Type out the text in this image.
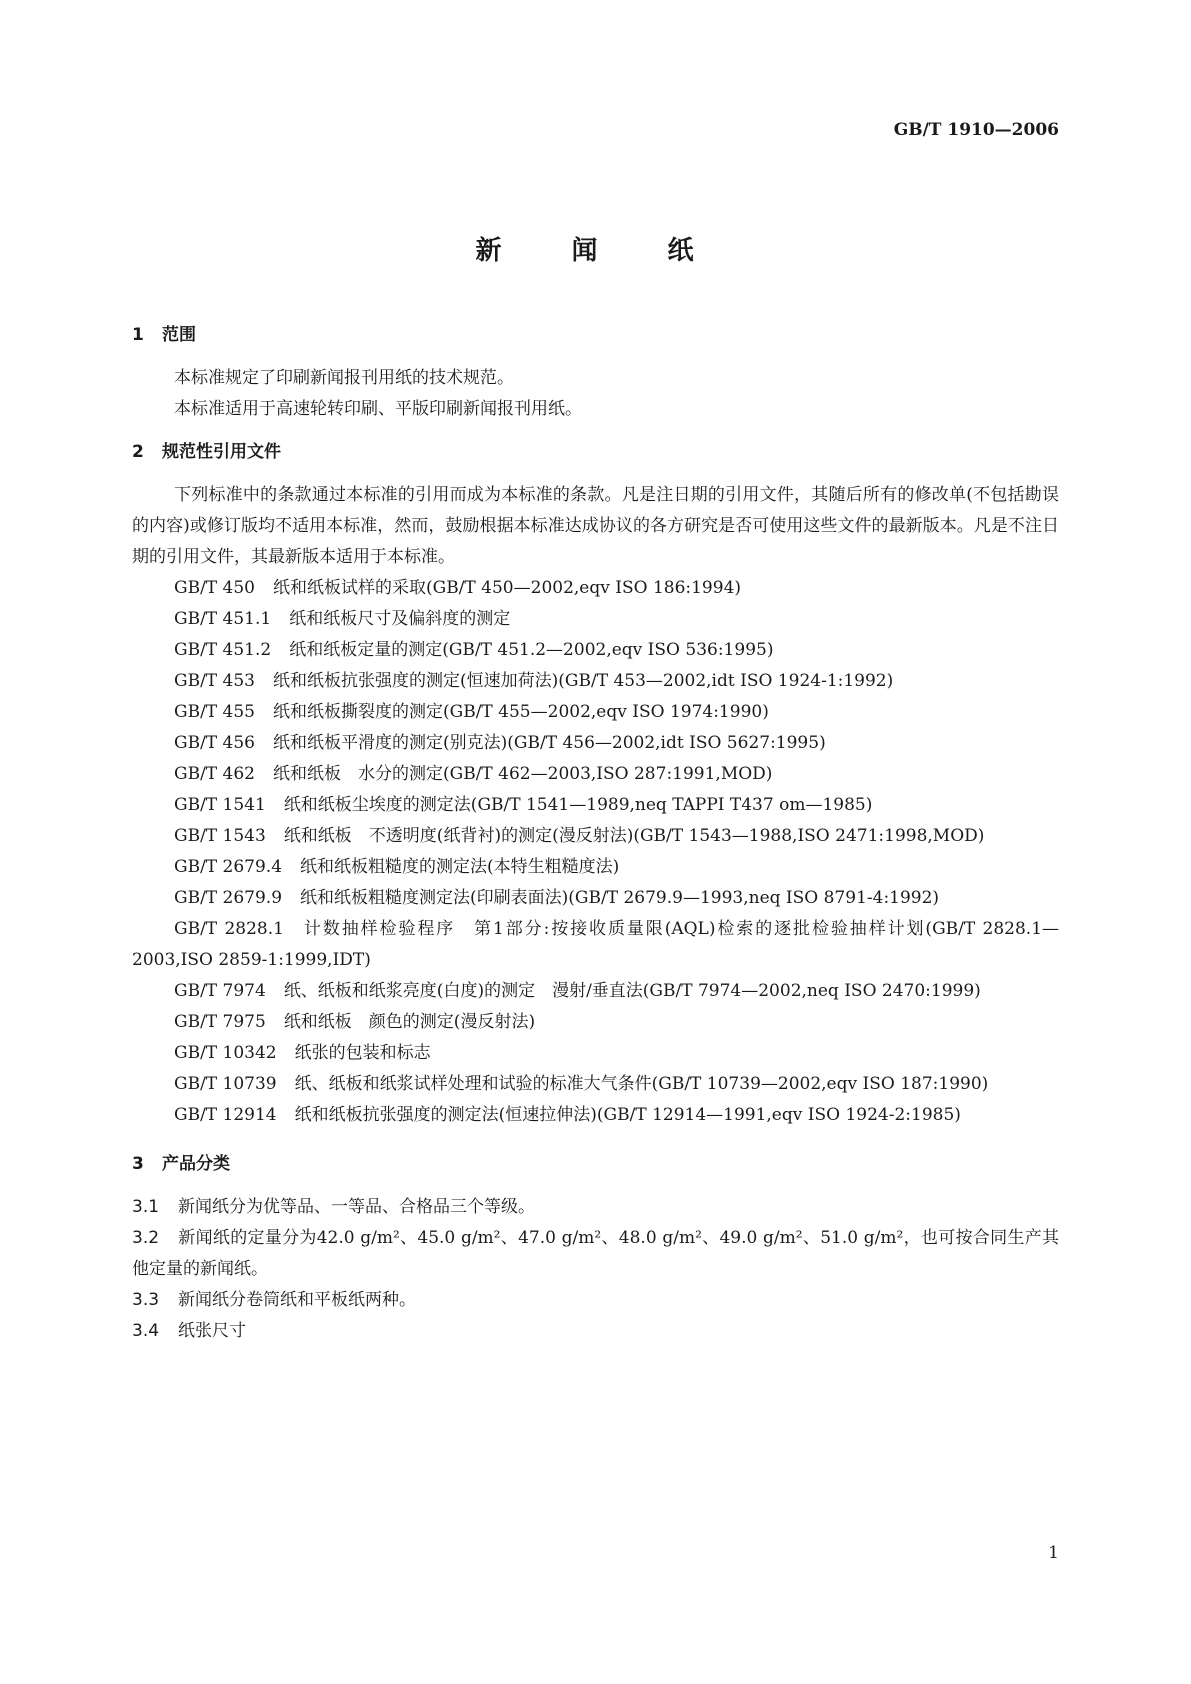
GB/T 1910—2006
新　闻　纸

1 范围

本标准规定了印刷新闻报刊用纸的技术规范。

本标准适用于高速轮转印刷、平版印刷新闻报刊用纸。

2 规范性引用文件

下列标准中的条款通过本标准的引用而成为本标准的条款。凡是注日期的引用文件，其随后所有的修改单(不包括勘误的内容)或修订版均不适用本标准，然而，鼓励根据本标准达成协议的各方研究是否可使用这些文件的最新版本。凡是不注日期的引用文件，其最新版本适用于本标准。

GB/T 450 纸和纸板试样的采取(GB/T 450—2002,eqv ISO 186:1994)

GB/T 451.1 纸和纸板尺寸及偏斜度的测定

GB/T 451.2 纸和纸板定量的测定(GB/T 451.2—2002,eqv ISO 536:1995)

GB/T 453 纸和纸板抗张强度的测定(恒速加荷法)(GB/T 453—2002,idt ISO 1924-1:1992)

GB/T 455 纸和纸板撕裂度的测定(GB/T 455—2002,eqv ISO 1974:1990)

GB/T 456 纸和纸板平滑度的测定(别克法)(GB/T 456—2002,idt ISO 5627:1995)

GB/T 462 纸和纸板　水分的测定(GB/T 462—2003,ISO 287:1991,MOD)

GB/T 1541 纸和纸板尘埃度的测定法(GB/T 1541—1989,neq TAPPI T437 om—1985)

GB/T 1543 纸和纸板　不透明度(纸背衬)的测定(漫反射法)(GB/T 1543—1988,ISO 2471:1998,MOD)

GB/T 2679.4 纸和纸板粗糙度的测定法(本特生粗糙度法)

GB/T 2679.9 纸和纸板粗糙度测定法(印刷表面法)(GB/T 2679.9—1993,neq ISO 8791-4:1992)

GB/T 2828.1 计数抽样检验程序　第1部分:按接收质量限(AQL)检索的逐批检验抽样计划(GB/T 2828.1—2003,ISO 2859-1:1999,IDT)

GB/T 7974 纸、纸板和纸浆亮度(白度)的测定　漫射/垂直法(GB/T 7974—2002,neq ISO 2470:1999)

GB/T 7975 纸和纸板　颜色的测定(漫反射法)

GB/T 10342 纸张的包装和标志

GB/T 10739 纸、纸板和纸浆试样处理和试验的标准大气条件(GB/T 10739—2002,eqv ISO 187:1990)

GB/T 12914 纸和纸板抗张强度的测定法(恒速拉伸法)(GB/T 12914—1991,eqv ISO 1924-2:1985)

3 产品分类

3.1 新闻纸分为优等品、一等品、合格品三个等级。

3.2 新闻纸的定量分为42.0 g/m²、45.0 g/m²、47.0 g/m²、48.0 g/m²、49.0 g/m²、51.0 g/m²，也可按合同生产其他定量的新闻纸。

3.3 新闻纸分卷筒纸和平板纸两种。

3.4 纸张尺寸

1
